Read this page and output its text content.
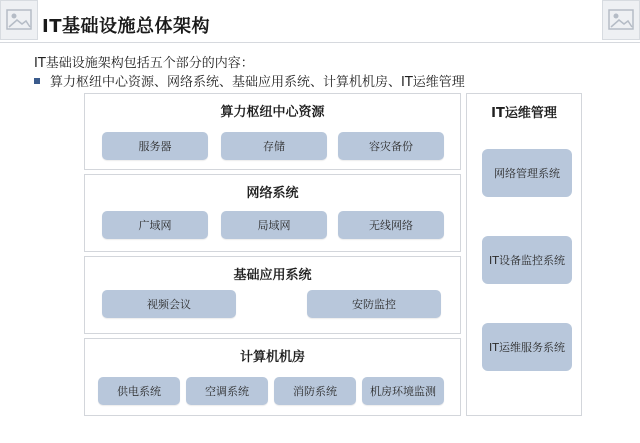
IT基础设施总体架构
IT基础设施架构包括五个部分的内容：
算力枢纽中心资源、网络系统、基础应用系统、计算机机房、IT运维管理
算力枢纽中心资源
服务器	存储	容灾备份
网络系统
广域网	局域网	无线网络
基础应用系统
视频会议	安防监控
计算机机房
供电系统	空调系统	消防系统	机房环境监测
IT运维管理
网络管理系统
IT设备监控系统
IT运维服务系统
